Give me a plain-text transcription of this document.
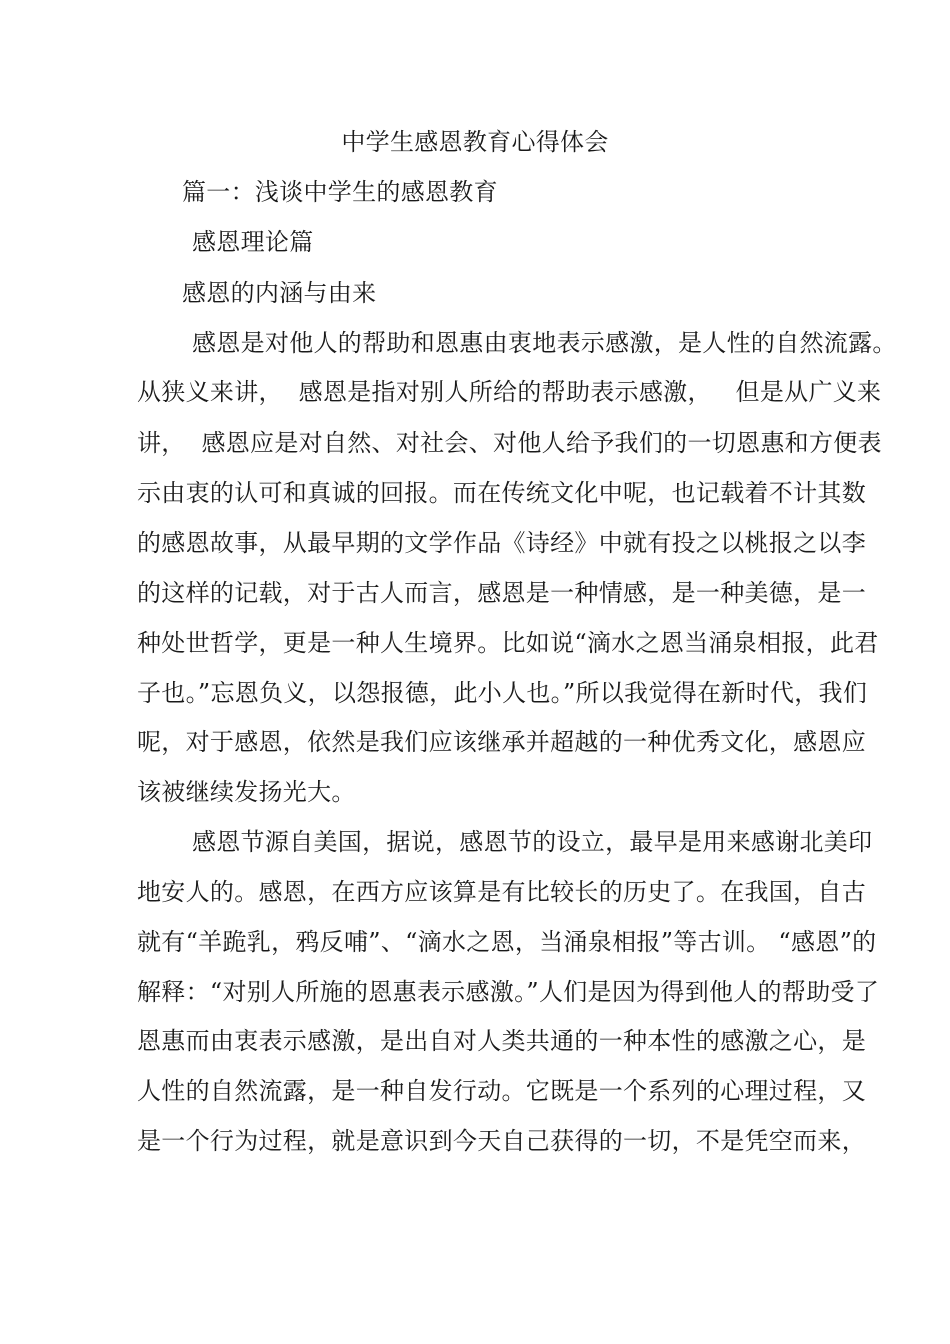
中学生感恩教育心得体会
篇一：浅谈中学生的感恩教育
感恩理论篇
感恩的内涵与由来
感恩是对他人的帮助和恩惠由衷地表示感激，是人性的自然流露。
从狭义来讲，  感恩是指对别人所给的帮助表示感激，   但是从广义来
讲，  感恩应是对自然、对社会、对他人给予我们的一切恩惠和方便表
示由衷的认可和真诚的回报。而在传统文化中呢，也记载着不计其数
的感恩故事，从最早期的文学作品《诗经》中就有投之以桃报之以李
的这样的记载，对于古人而言，感恩是一种情感，是一种美德，是一
种处世哲学，更是一种人生境界。比如说“滴水之恩当涌泉相报，此君
子也。”忘恩负义，以怨报德，此小人也。”所以我觉得在新时代，我们
呢，对于感恩，依然是我们应该继承并超越的一种优秀文化，感恩应
该被继续发扬光大。
感恩节源自美国，据说，感恩节的设立，最早是用来感谢北美印
地安人的。感恩，在西方应该算是有比较长的历史了。在我国，自古
就有“羊跪乳，鸦反哺”、“滴水之恩，当涌泉相报”等古训。 “感恩”的
解释：“对别人所施的恩惠表示感激。”人们是因为得到他人的帮助受了
恩惠而由衷表示感激，是出自对人类共通的一种本性的感激之心，是
人性的自然流露，是一种自发行动。它既是一个系列的心理过程，又
是一个行为过程，就是意识到今天自己获得的一切，不是凭空而来，
